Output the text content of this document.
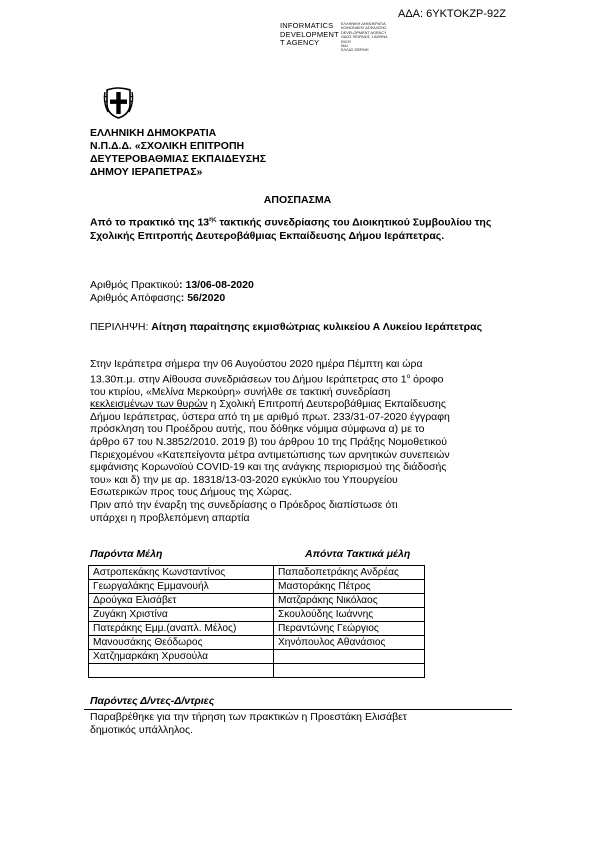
ΑΔΑ: 6ΥΚΤΟΚΖΡ-92Ζ
INFORMATICS
DEVELOPMENT
T AGENCY
ΕΛΛΗΝΙΚΗ ΔΗΜΟΚΡΑΤΙΑ
ΚΟΙΝΩΝΙΚΗΣ ΑΣΦΑΛΙΣΗΣ
DEVELOPMENT AGENCY
ΟΔΟΣ ΠΕΙΡΑΙΩΣ 1 ΑΘΗΝΑ
ΕΚΟΥ
ΜΑΙ
ΕΛΛΑΣ ΘΕΡΜΗ
ΕΛΛΗΝΙΚΗ ΔΗΜΟΚΡΑΤΙΑ
Ν.Π.Δ.Δ. «ΣΧΟΛΙΚΗ ΕΠΙΤΡΟΠΗ
ΔΕΥΤΕΡΟΒΑΘΜΙΑΣ ΕΚΠΑΙΔΕΥΣΗΣ
ΔΗΜΟΥ ΙΕΡΑΠΕΤΡΑΣ»
ΑΠΟΣΠΑΣΜΑ
Από το πρακτικό της $13^{\eta\varsigma}$ τακτικής συνεδρίασης του Διοικητικού Συμβουλίου της Σχολικής Επιτροπής Δευτεροβάθμιας Εκπαίδευσης Δήμου Ιεράπετρας.
Αριθμός Πρακτικού: 13/06-08-2020
Αριθμός Απόφασης: 56/2020
ΠΕΡΙΛΗΨΗ: Αίτηση παραίτησης εκμισθώτριας κυλικείου Α Λυκείου Ιεράπετρας
Στην Ιεράπετρα σήμερα την 06 Αυγούστου 2020 ημέρα Πέμπτη και ώρα
13.30π.μ. στην Αίθουσα συνεδριάσεων του Δήμου Ιεράπετρας στο $1^o$ όροφο
του κτιρίου, «Μελίνα Μερκούρη» συνήλθε σε τακτική συνεδρίαση
κεκλεισμένων των θυρών η Σχολική Επιτροπή Δευτεροβάθμιας Εκπαίδευσης
Δήμου Ιεράπετρας, ύστερα από τη με αριθμό πρωτ. 233/31-07-2020 έγγραφη
πρόσκληση του Προέδρου αυτής, που δόθηκε νόμιμα σύμφωνα α) με το
άρθρο 67 του Ν.3852/2010. 2019 β) του άρθρου 10 της Πράξης Νομοθετικού
Περιεχομένου «Κατεπείγοντα μέτρα αντιμετώπισης των αρνητικών συνεπειών
εμφάνισης Κορωνοϊού COVID-19 και της ανάγκης περιορισμού της διάδοσής
του» και δ) την με αρ. 18318/13-03-2020 εγκύκλιο του Υπουργείου
Εσωτερικών προς τους Δήμους της Χώρας.
Πριν από την έναρξη της συνεδρίασης ο Πρόεδρος διαπίστωσε ότι
υπάρχει η προβλεπόμενη απαρτία
Παρόντα Μέλη	Απόντα Τακτικά μέλη
Αστροπεκάκης Κωνσταντίνος	Παπαδοπετράκης Ανδρέας
Γεωργαλάκης Εμμανουήλ	Μαστοράκης Πέτρος
Δρούγκα Ελισάβετ	Ματζαράκης Νικόλαος
Ζυγάκη Χριστίνα	Σκουλούδης Ιωάννης
Πατεράκης Εμμ.(αναπλ. Μέλος)	Περαντώνης Γεώργιος
Μανουσάκης Θεόδωρος	Χηνόπουλος Αθανάσιος
Χατζημαρκάκη Χρυσούλα	

Παρόντες Δ/ντες-Δ/ντριες
Παραβρέθηκε για την τήρηση των πρακτικών η Προεστάκη Ελισάβετ
δημοτικός υπάλληλος.
